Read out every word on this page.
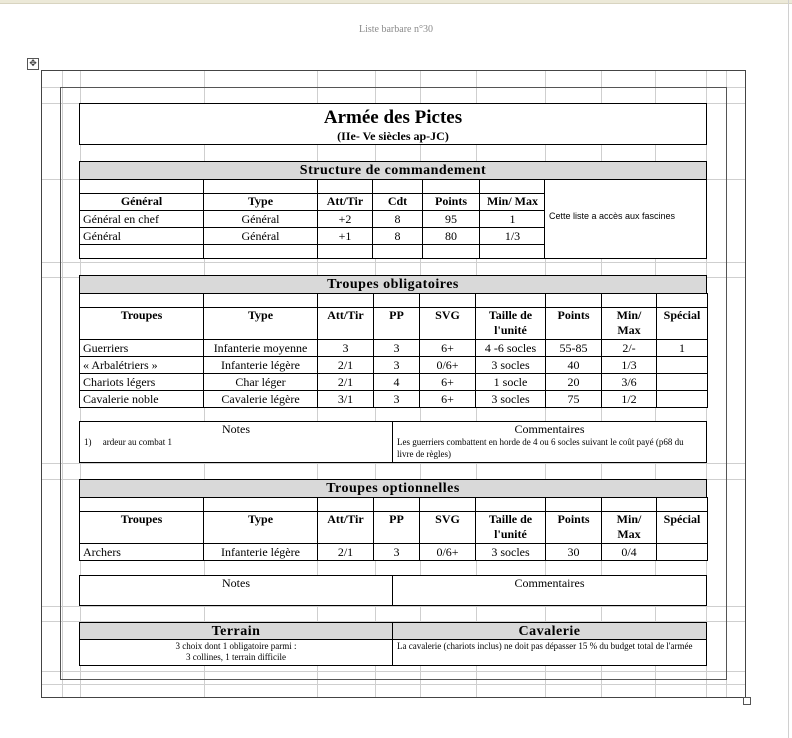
Liste barbare n°30
✥
Armée des Pictes
(IIe- Ve siècles ap-JC)
Structure de commandement

Général	Type	Att/Tir	Cdt	Points	Min/ Max
Général en chef	Général	+2	8	95	1
Général	Général	+1	8	80	1/3

Cette liste a accès aux fascines
Troupes obligatoires

Troupes	Type	Att/Tir	PP	SVG	Taille de l'unité	Points	Min/ Max	Spécial
Guerriers	Infanterie moyenne	3	3	6+	4 -6 socles	55-85	2/-	1
« Arbalétriers »	Infanterie légère	2/1	3	0/6+	3 socles	40	1/3	
Chariots légers	Char léger	2/1	4	6+	1 socle	20	3/6	
Cavalerie noble	Cavalerie légère	3/1	3	6+	3 socles	75	1/2	
Notes
1)     ardeur au combat 1
Commentaires
Les guerriers combattent en horde de 4 ou 6 socles suivant le coût payé (p68 du livre de règles)
Troupes optionnelles

Troupes	Type	Att/Tir	PP	SVG	Taille de l'unité	Points	Min/ Max	Spécial
Archers	Infanterie légère	2/1	3	0/6+	3 socles	30	0/4	
Notes	Commentaires
Terrain	Cavalerie
3 choix dont 1 obligatoire parmi :
3 collines, 1 terrain difficile
La cavalerie (chariots inclus) ne doit pas dépasser 15 % du budget total de l'armée
